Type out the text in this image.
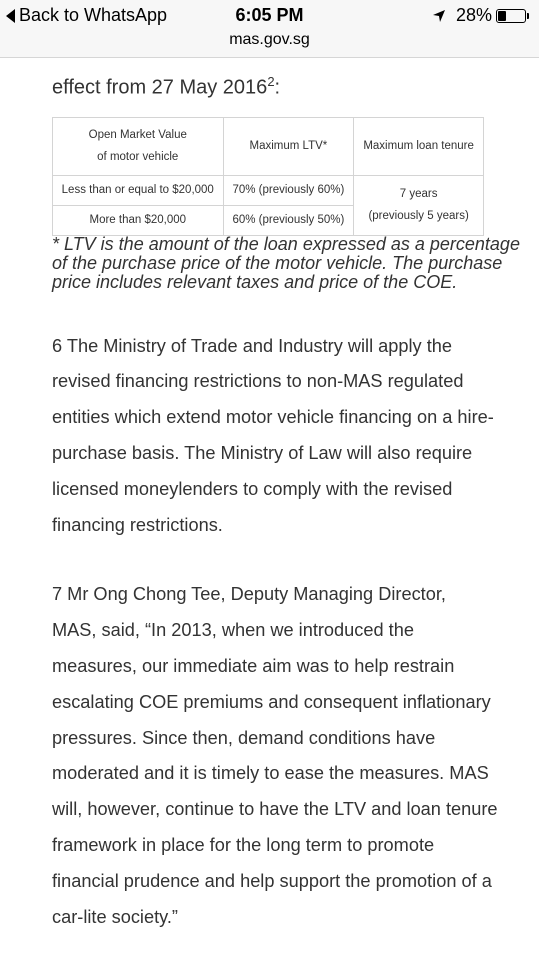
Back to WhatsApp	6:05 PM
mas.gov.sg
28%
effect from 27 May 2016$^2$:
Open Market Value
of motor vehicle	Maximum LTV*	Maximum loan tenure
Less than or equal to $20,000	70% (previously 60%)	7 years
(previously 5 years)
More than $20,000	60% (previously 50%)	
* LTV is the amount of the loan expressed as a percentage of the purchase price of the motor vehicle. The purchase price includes relevant taxes and price of the COE.
6 The Ministry of Trade and Industry will apply the
revised financing restrictions to non-MAS regulated
entities which extend motor vehicle financing on a hire-
purchase basis. The Ministry of Law will also require
licensed moneylenders to comply with the revised
financing restrictions.
7 Mr Ong Chong Tee, Deputy Managing Director,
MAS, said, “In 2013, when we introduced the
measures, our immediate aim was to help restrain
escalating COE premiums and consequent inflationary
pressures. Since then, demand conditions have
moderated and it is timely to ease the measures. MAS
will, however, continue to have the LTV and loan tenure
framework in place for the long term to promote
financial prudence and help support the promotion of a
car-lite society.”
